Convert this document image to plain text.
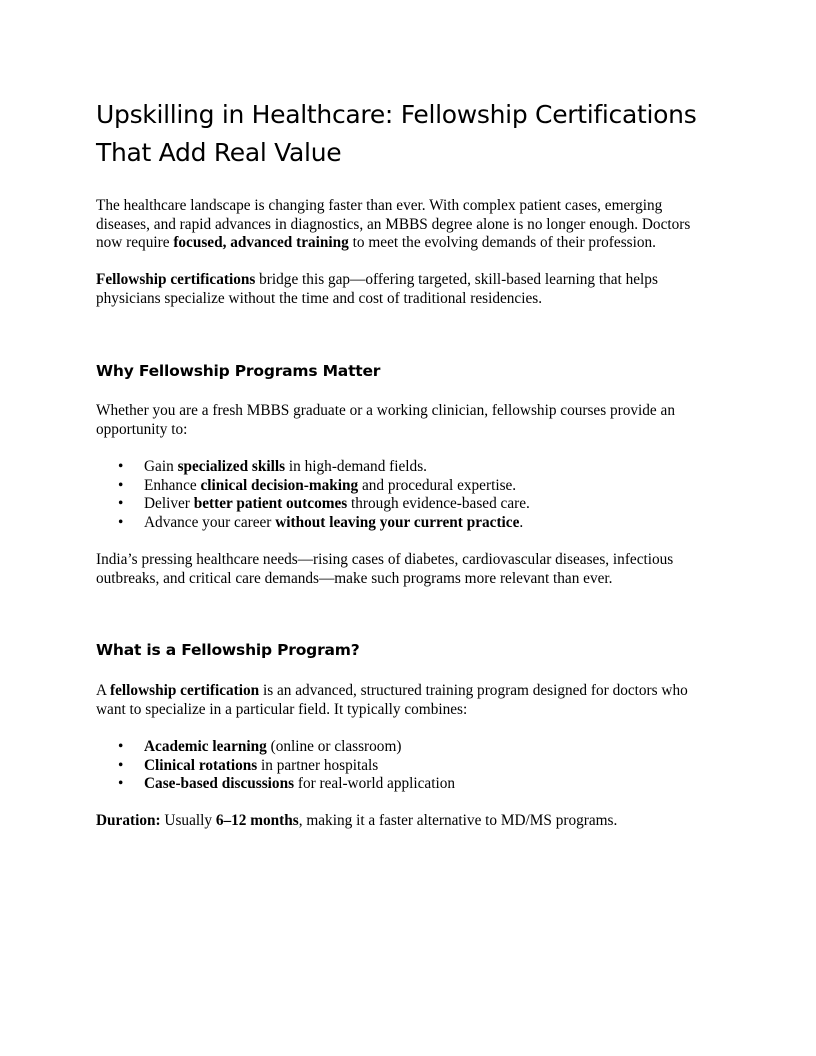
Upskilling in Healthcare: Fellowship Certifications That Add Real Value

The healthcare landscape is changing faster than ever. With complex patient cases, emerging diseases, and rapid advances in diagnostics, an MBBS degree alone is no longer enough. Doctors now require focused, advanced training to meet the evolving demands of their profession.

Fellowship certifications bridge this gap—offering targeted, skill-based learning that helps physicians specialize without the time and cost of traditional residencies.

Why Fellowship Programs Matter

Whether you are a fresh MBBS graduate or a working clinician, fellowship courses provide an opportunity to:

• Gain specialized skills in high-demand fields.
• Enhance clinical decision-making and procedural expertise.
• Deliver better patient outcomes through evidence-based care.
• Advance your career without leaving your current practice.

India’s pressing healthcare needs—rising cases of diabetes, cardiovascular diseases, infectious outbreaks, and critical care demands—make such programs more relevant than ever.

What is a Fellowship Program?

A fellowship certification is an advanced, structured training program designed for doctors who want to specialize in a particular field. It typically combines:

• Academic learning (online or classroom)
• Clinical rotations in partner hospitals
• Case-based discussions for real-world application

Duration: Usually 6–12 months, making it a faster alternative to MD/MS programs.
